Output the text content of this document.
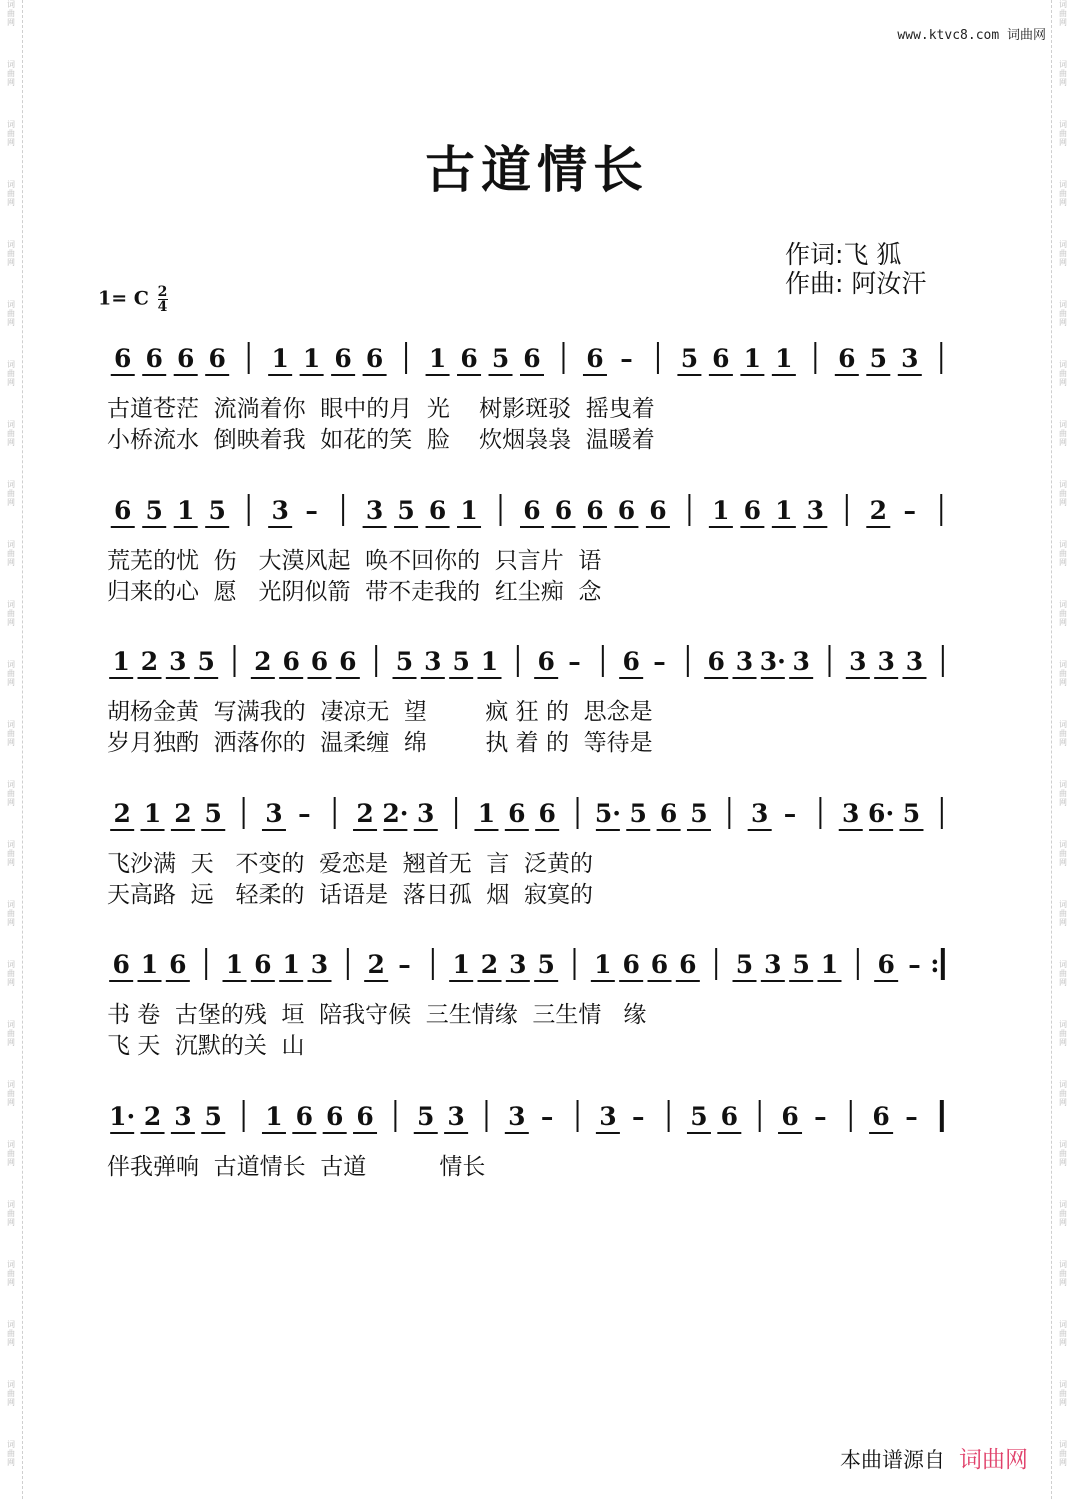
词
曲
网
词
曲
网
词
曲
网
词
曲
网
词
曲
网
词
曲
网
词
曲
网
词
曲
网
词
曲
网
词
曲
网
词
曲
网
词
曲
网
词
曲
网
词
曲
网
词
曲
网
词
曲
网
词
曲
网
词
曲
网
词
曲
网
词
曲
网
词
曲
网
词
曲
网
词
曲
网
词
曲
网
词
曲
网
词
曲
网
词
曲
网
词
曲
网
词
曲
网
词
曲
网
词
曲
网
词
曲
网
词
曲
网
词
曲
网
词
曲
网
词
曲
网
词
曲
网
词
曲
网
词
曲
网
词
曲
网
词
曲
网
词
曲
网
词
曲
网
词
曲
网
词
曲
网
词
曲
网
词
曲
网
词
曲
网
词
曲
网
词
曲
网
www.ktvc8.com 词曲网
古道情长
作词:飞 狐
作曲: 阿汝汗
1= C $\frac{2}{4}$
6 6 6 6 1 1 6 6 1 6 5 6 6 – 5 6 1 1 6 5 3
古道苍茫  流淌着你  眼中的月  光    树影斑驳  摇曳着
小桥流水  倒映着我  如花的笑  脸    炊烟袅袅  温暖着
6 5 1 5 3 – 3 5 6 1 6 6 6 6 6 1 6 1 3 2 –
荒芜的忧  伤   大漠风起  唤不回你的  只言片  语
归来的心  愿   光阴似箭  带不走我的  红尘痴  念
1 2 3 5 2 6 6 6 5 3 5 1 6 – 6 – 6 3 3· 3 3 3 3
胡杨金黄  写满我的  凄凉无  望        疯 狂 的  思念是
岁月独酌  洒落你的  温柔缠  绵        执 着 的  等待是
2 1 2 5 3 – 2 2· 3 1 6 6 5· 5 6 5 3 – 3 6· 5
飞沙满  天   不变的  爱恋是  翘首无  言  泛黄的
天高路  远   轻柔的  话语是  落日孤  烟  寂寞的
6 1 6 1 6 1 3 2 – 1 2 3 5 1 6 6 6 5 3 5 1 6 – :
书 卷  古堡的残  垣  陪我守候  三生情缘  三生情   缘
飞 天  沉默的关  山
1· 2 3 5 1 6 6 6 5 3 3 – 3 – 5 6 6 – 6 –
伴我弹响  古道情长  古道          情长
本曲谱源自 词曲网
